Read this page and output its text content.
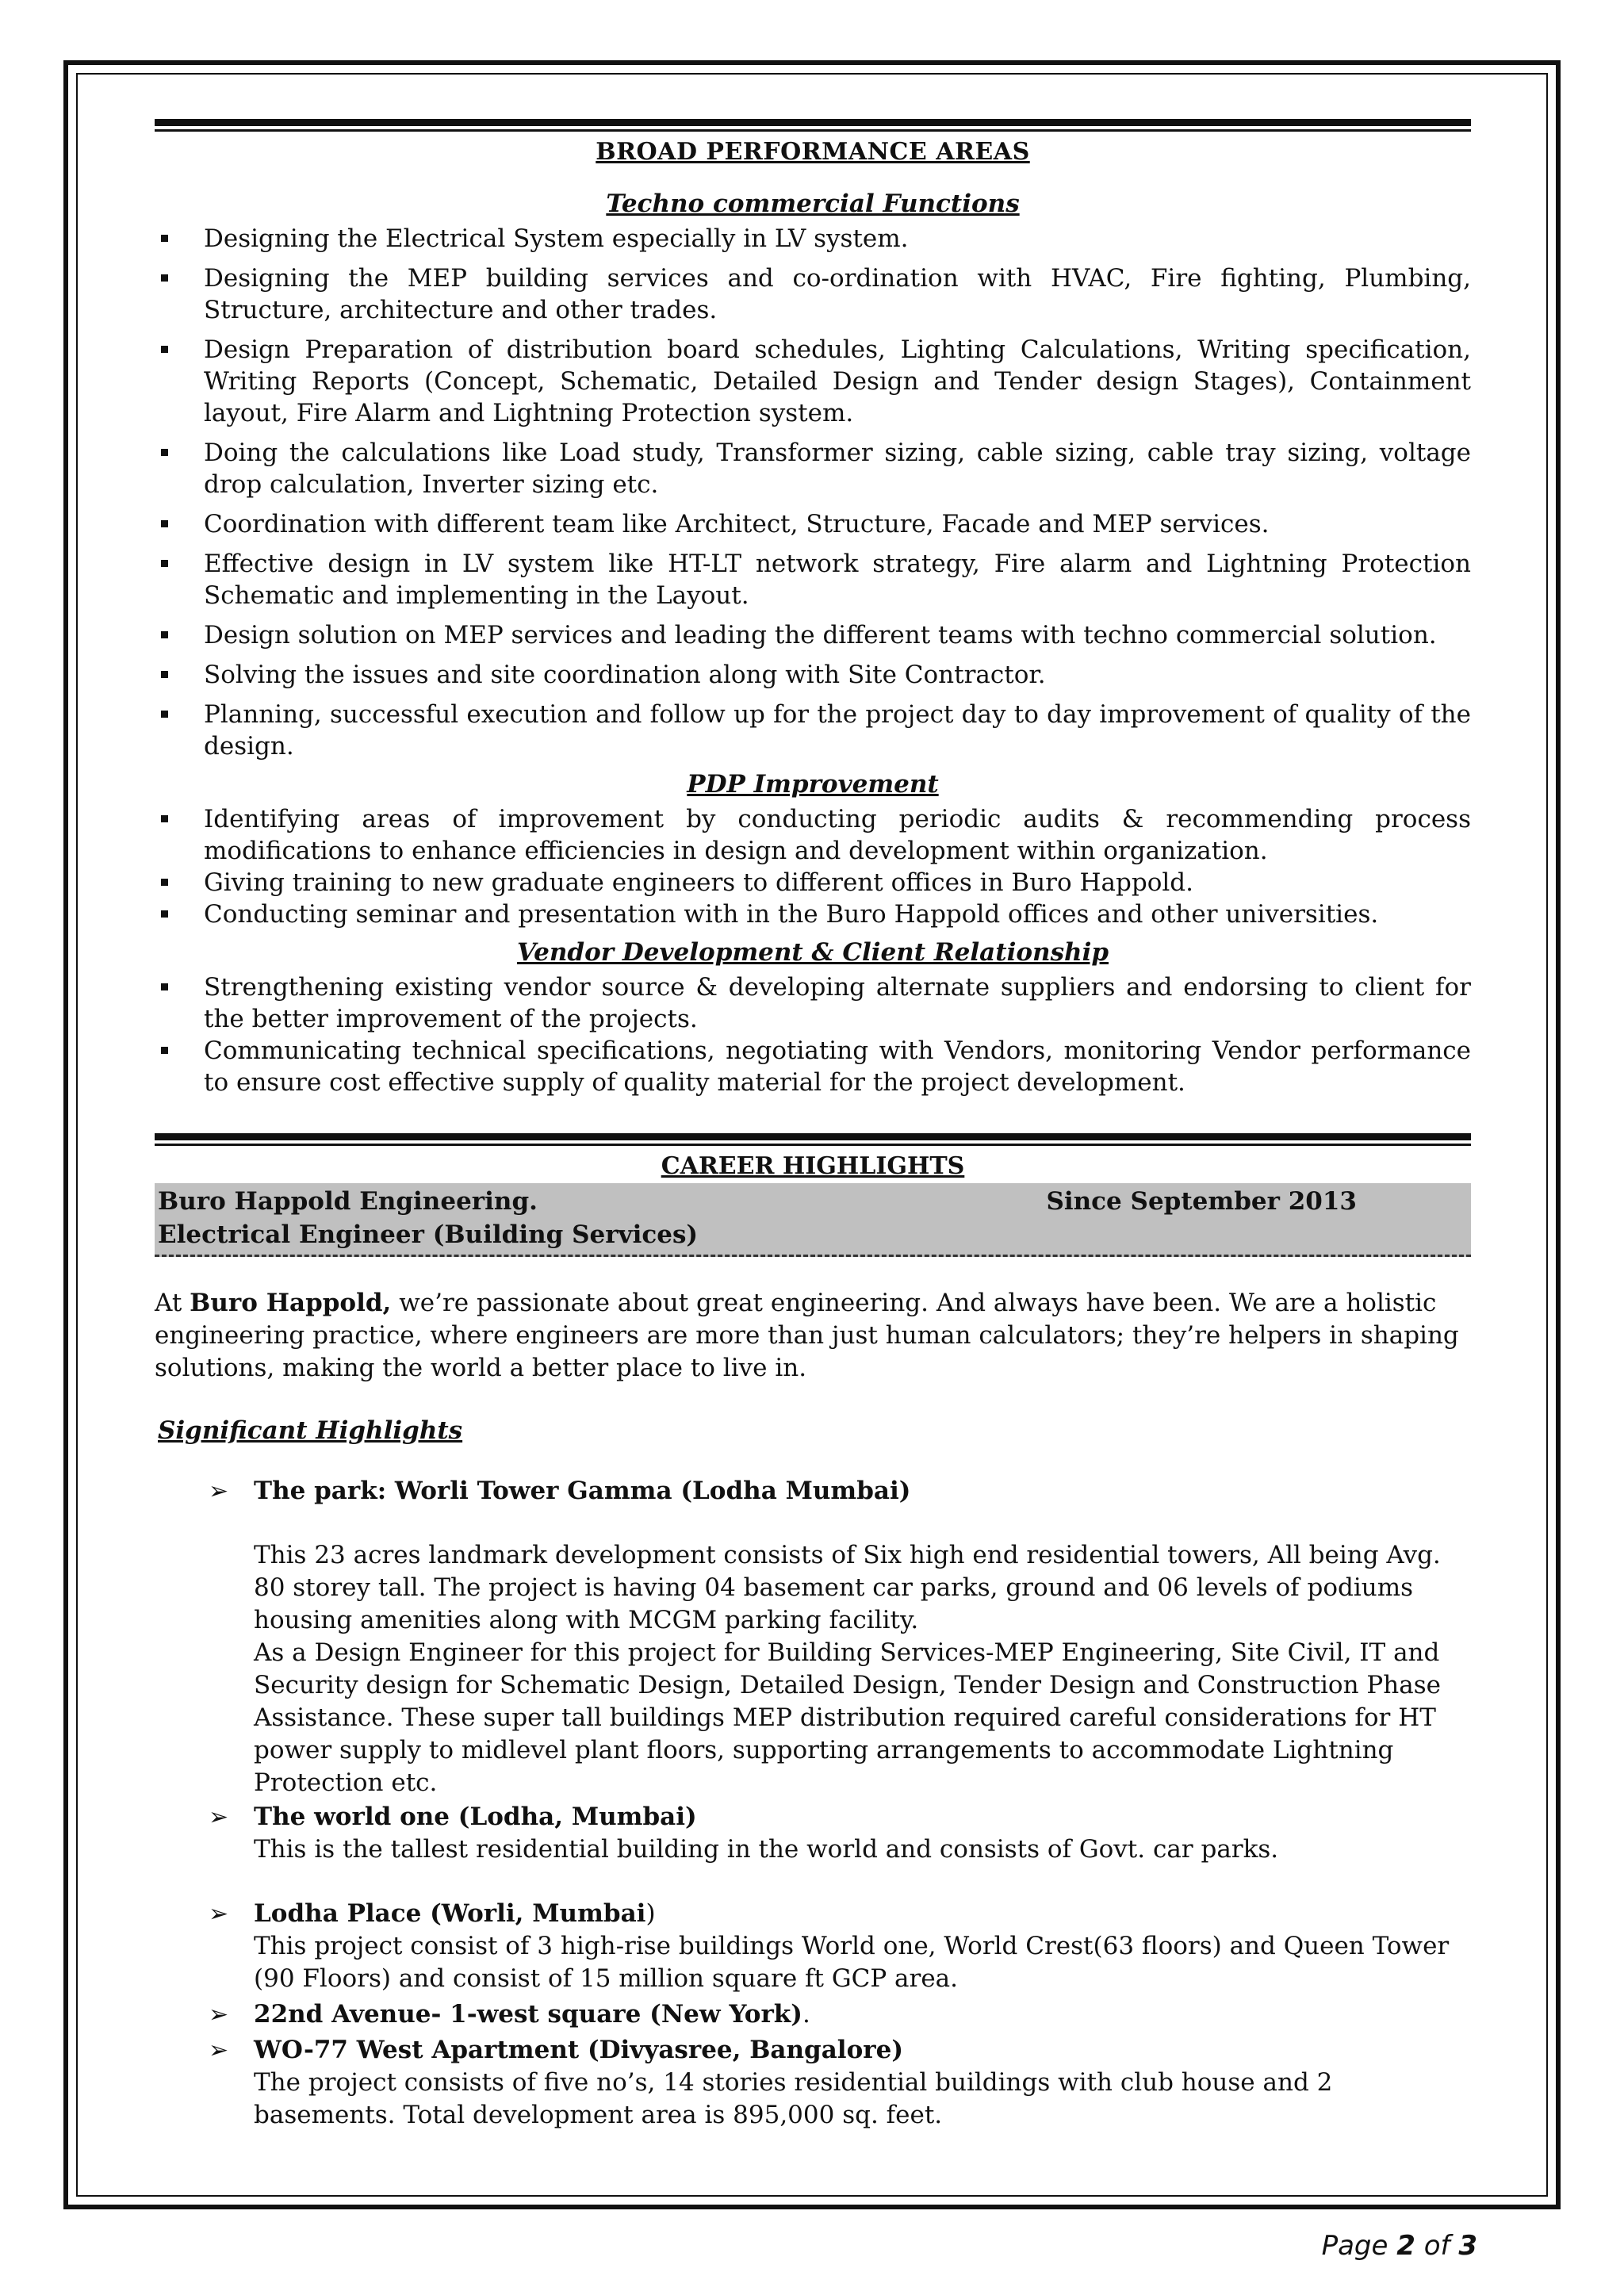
BROAD PERFORMANCE AREAS
Techno commercial Functions
Designing the Electrical System especially in LV system.
Designing the MEP building services and co-ordination with HVAC, Fire fighting, Plumbing, Structure, architecture and other trades.
Design Preparation of distribution board schedules, Lighting Calculations, Writing specification, Writing Reports (Concept, Schematic, Detailed Design and Tender design Stages), Containment layout, Fire Alarm and Lightning Protection system.
Doing the calculations like Load study, Transformer sizing, cable sizing, cable tray sizing, voltage drop calculation, Inverter sizing etc.
Coordination with different team like Architect, Structure, Facade and MEP services.
Effective design in LV system like HT-LT network strategy, Fire alarm and Lightning Protection Schematic and implementing in the Layout.
Design solution on MEP services and leading the different teams with techno commercial solution.
Solving the issues and site coordination along with Site Contractor.
Planning, successful execution and follow up for the project day to day improvement of quality of the design.
PDP Improvement
Identifying areas of improvement by conducting periodic audits & recommending process modifications to enhance efficiencies in design and development within organization.
Giving training to new graduate engineers to different offices in Buro Happold.
Conducting seminar and presentation with in the Buro Happold offices and other universities.
Vendor Development & Client Relationship
Strengthening existing vendor source & developing alternate suppliers and endorsing to client for the better improvement of the projects.
Communicating technical specifications, negotiating with Vendors, monitoring Vendor performance to ensure cost effective supply of quality material for the project development.
CAREER HIGHLIGHTS
Buro Happold Engineering.	Since September 2013
Electrical Engineer (Building Services)

At Buro Happold, we’re passionate about great engineering. And always have been. We are a holistic engineering practice, where engineers are more than just human calculators; they’re helpers in shaping solutions, making the world a better place to live in.

Significant Highlights
➢ The park: Worli Tower Gamma (Lodha Mumbai)

This 23 acres landmark development consists of Six high end residential towers, All being Avg. 80 storey tall. The project is having 04 basement car parks, ground and 06 levels of podiums housing amenities along with MCGM parking facility.

As a Design Engineer for this project for Building Services-MEP Engineering, Site Civil, IT and Security design for Schematic Design, Detailed Design, Tender Design and Construction Phase Assistance. These super tall buildings MEP distribution required careful considerations for HT power supply to midlevel plant floors, supporting arrangements to accommodate Lightning Protection etc.

➢ The world one (Lodha, Mumbai)

This is the tallest residential building in the world and consists of Govt. car parks.

➢ Lodha Place (Worli, Mumbai)

This project consist of 3 high-rise buildings World one, World Crest(63 floors) and Queen Tower (90 Floors) and consist of 15 million square ft GCP area.

➢ 22nd Avenue- 1-west square (New York).
➢ WO-77 West Apartment (Divyasree, Bangalore)

The project consists of five no’s, 14 stories residential buildings with club house and 2 basements. Total development area is 895,000 sq. feet.

Page 2 of 3
